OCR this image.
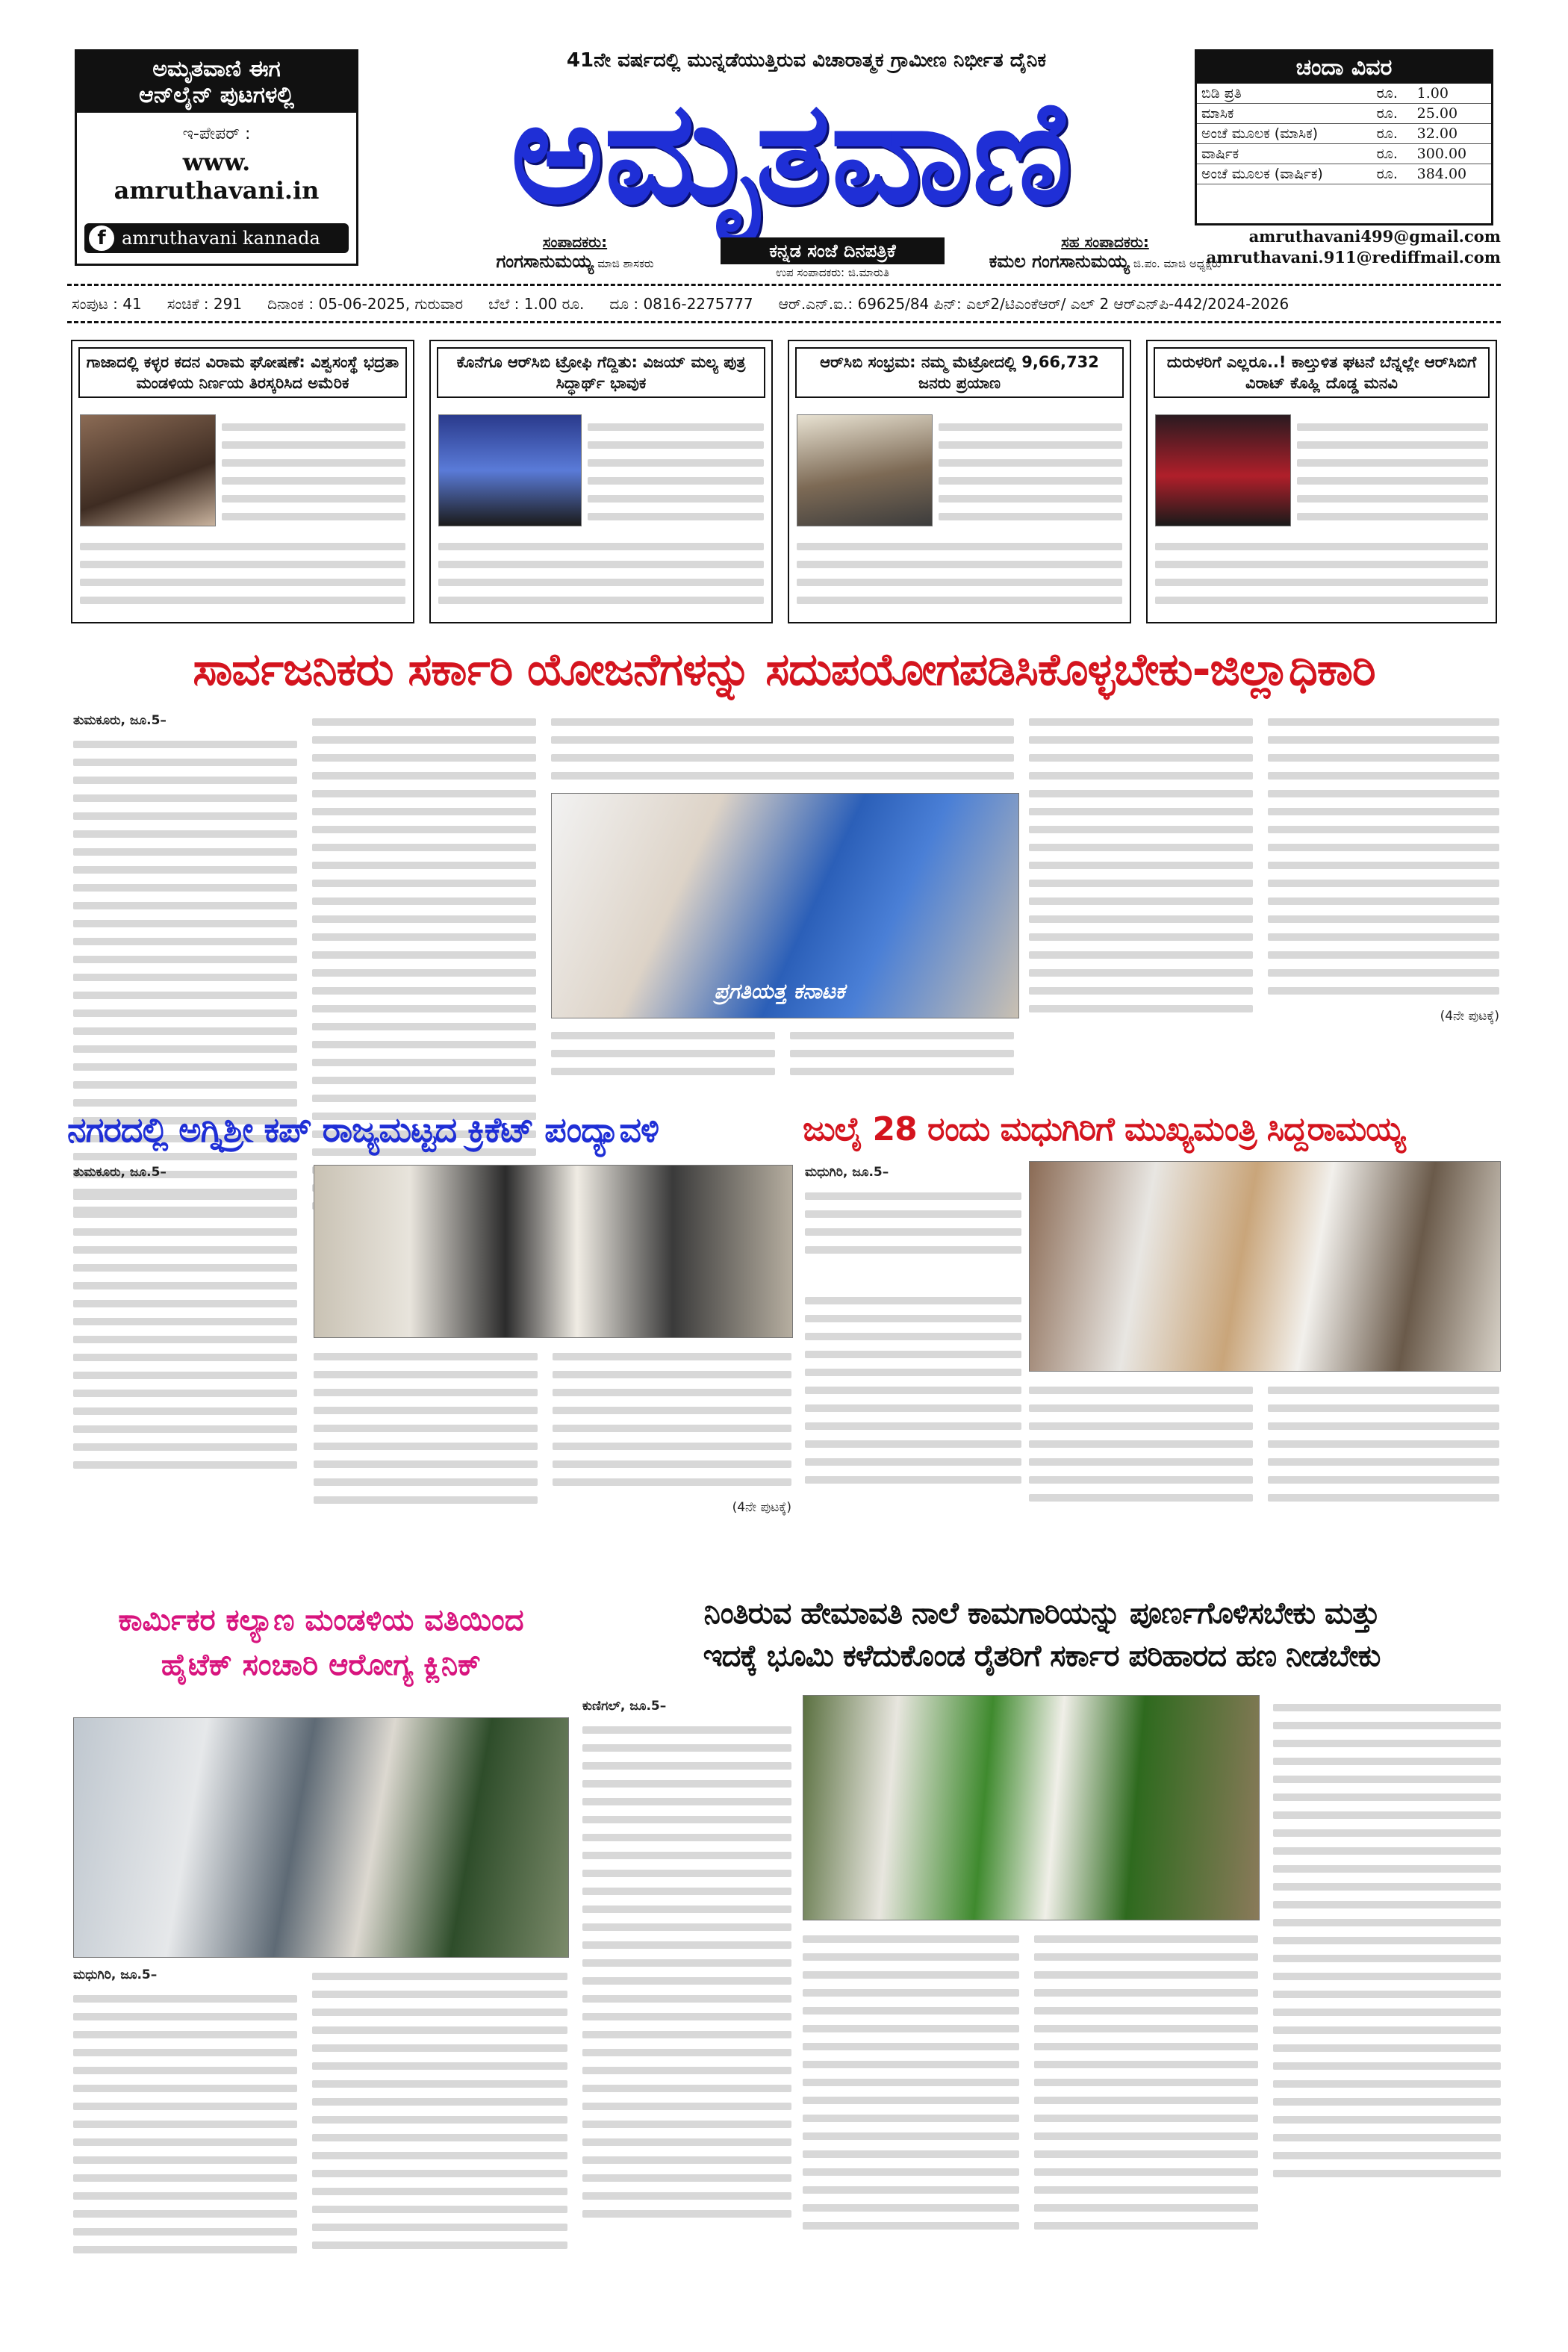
ಅಮೃತವಾಣಿ ಈಗ
ಆನ್‌ಲೈನ್ ಪುಟಗಳಲ್ಲಿ
ಇ-ಪೇಪರ್ :
www. amruthavani.in
f amruthavani kannada
41ನೇ ವರ್ಷದಲ್ಲಿ ಮುನ್ನಡೆಯುತ್ತಿರುವ ವಿಚಾರಾತ್ಮಕ ಗ್ರಾಮೀಣ ನಿರ್ಭೀತ ದೈನಿಕ
ಅಮೃತವಾಣಿ
ಸಂಪಾದಕರು:
ಗಂಗಸಾನುಮಯ್ಯ ಮಾಜಿ ಶಾಸಕರು
ಕನ್ನಡ ಸಂಜೆ ದಿನಪತ್ರಿಕೆ
ಉಪ ಸಂಪಾದಕರು: ಜಿ.ಮಾರುತಿ
ಸಹ ಸಂಪಾದಕರು:
ಕಮಲ ಗಂಗಸಾನುಮಯ್ಯ ಜಿ.ಪಂ. ಮಾಜಿ ಅಧ್ಯಕ್ಷರು
ಚಂದಾ ವಿವರ
ಬಿಡಿ ಪ್ರತಿ	ರೂ.	1.00
ಮಾಸಿಕ	ರೂ.	25.00
ಅಂಚೆ ಮೂಲಕ (ಮಾಸಿಕ)	ರೂ.	32.00
ವಾರ್ಷಿಕ	ರೂ.	300.00
ಅಂಚೆ ಮೂಲಕ (ವಾರ್ಷಿಕ)	ರೂ.	384.00
amruthavani499@gmail.com
amruthavani.911@rediffmail.com
ಸಂಪುಟ : 41 ಸಂಚಿಕೆ : 291 ದಿನಾಂಕ : 05-06-2025, ಗುರುವಾರ ಬೆಲೆ : 1.00 ರೂ. ದೂ : 0816-2275777 ಆರ್.ಎನ್.ಐ.: 69625/84 ಪಿನ್: ಎಲ್2/ಟಿಎಂಕೆಆರ್/ ಎಲ್ 2 ಆರ್‌ಎನ್‌ಪಿ-442/2024-2026
ಗಾಜಾದಲ್ಲಿ ಕಳ್ಳರ ಕದನ ವಿರಾಮ ಘೋಷಣೆ: ವಿಶ್ವಸಂಸ್ಥೆ ಭದ್ರತಾ ಮಂಡಳಿಯ ನಿರ್ಣಯ ತಿರಸ್ಕರಿಸಿದ ಅಮೆರಿಕ
ಕೊನೆಗೂ ಆರ್‌ಸಿಬಿ ಟ್ರೋಫಿ ಗೆದ್ದಿತು: ವಿಜಯ್ ಮಲ್ಯ ಪುತ್ರ ಸಿದ್ಧಾರ್ಥ್ ಭಾವುಕ
ಆರ್‌ಸಿಬಿ ಸಂಭ್ರಮ: ನಮ್ಮ ಮೆಟ್ರೋದಲ್ಲಿ 9,66,732 ಜನರು ಪ್ರಯಾಣ
ದುರುಳರಿಗೆ ಎಲ್ಲರೂ..! ಕಾಲ್ತುಳಿತ ಘಟನೆ ಬೆನ್ನಲ್ಲೇ ಆರ್‌ಸಿಬಿಗೆ ವಿರಾಟ್ ಕೊಹ್ಲಿ ದೊಡ್ಡ ಮನವಿ
ಸಾರ್ವಜನಿಕರು ಸರ್ಕಾರಿ ಯೋಜನೆಗಳನ್ನು ಸದುಪಯೋಗಪಡಿಸಿಕೊಳ್ಳಬೇಕು-ಜಿಲ್ಲಾಧಿಕಾರಿ
ತುಮಕೂರು, ಜೂ.5–
ಪ್ರಗತಿಯತ್ತ ಕನಾಟಕ
(4ನೇ ಪುಟಕ್ಕೆ)
ನಗರದಲ್ಲಿ ಅಗ್ನಿಶ್ರೀ ಕಪ್ ರಾಜ್ಯಮಟ್ಟದ ಕ್ರಿಕೆಟ್ ಪಂದ್ಯಾವಳಿ
ತುಮಕೂರು, ಜೂ.5–
(4ನೇ ಪುಟಕ್ಕೆ)
ಜುಲೈ 28 ರಂದು ಮಧುಗಿರಿಗೆ ಮುಖ್ಯಮಂತ್ರಿ ಸಿದ್ದರಾಮಯ್ಯ
ಮಧುಗಿರಿ, ಜೂ.5–
ಕಾರ್ಮಿಕರ ಕಲ್ಯಾಣ ಮಂಡಳಿಯ ವತಿಯಿಂದ
ಹೈಟೆಕ್ ಸಂಚಾರಿ ಆರೋಗ್ಯ ಕ್ಲಿನಿಕ್
ಮಧುಗಿರಿ, ಜೂ.5–
ನಿಂತಿರುವ ಹೇಮಾವತಿ ನಾಲೆ ಕಾಮಗಾರಿಯನ್ನು ಪೂರ್ಣಗೊಳಿಸಬೇಕು ಮತ್ತು
ಇದಕ್ಕೆ ಭೂಮಿ ಕಳೆದುಕೊಂಡ ರೈತರಿಗೆ ಸರ್ಕಾರ ಪರಿಹಾರದ ಹಣ ನೀಡಬೇಕು
ಕುಣಿಗಲ್, ಜೂ.5–
